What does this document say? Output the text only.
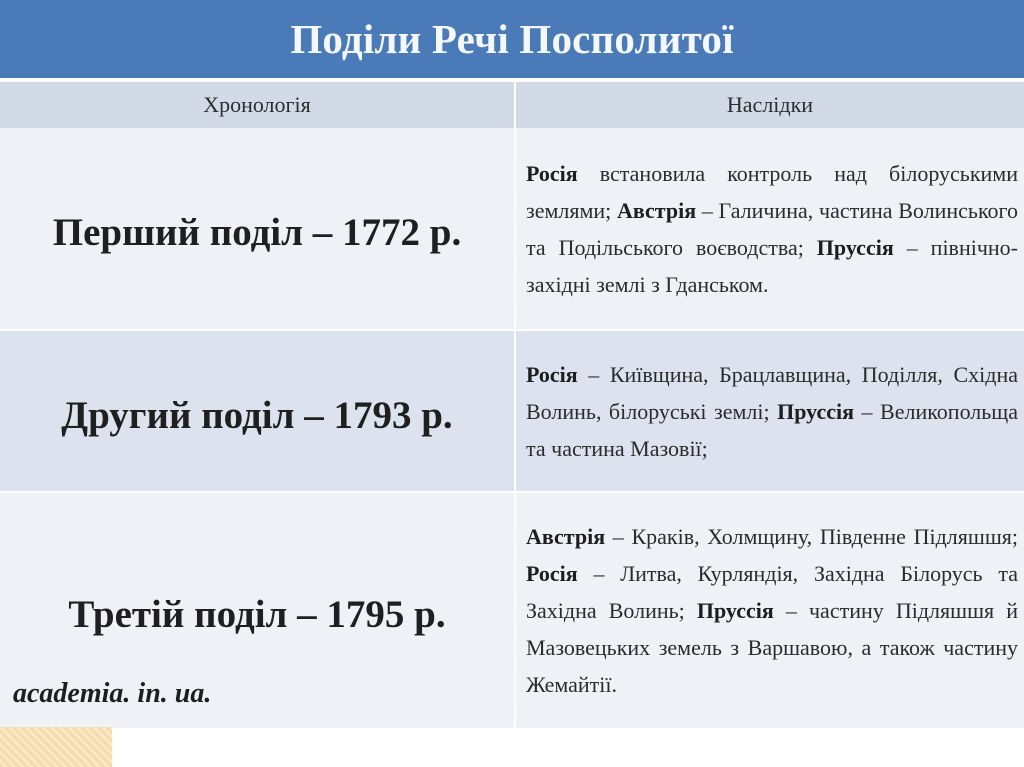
Поділи Речі Посполитої
Хронологія	Наслідки

Перший поділ – 1772 р.	Росія встановила контроль над білоруськими землями; Австрія – Галичина, частина Волинського та Подільського воєводства; Пруссія – північно-західні землі з Гданськом.

Другий поділ – 1793 р.	Росія – Київщина, Брацлавщина, Поділля, Східна Волинь, білоруські землі; Пруссія – Великопольща та частина Мазовії;

Третій поділ – 1795 р.	Австрія – Краків, Холмщину, Південне Підляшшя; Росія – Литва, Курляндія, Західна Білорусь та Західна Волинь; Пруссія – частину Підляшшя й Мазовецьких земель з Варшавою, а також частину Жемайтії.
academia. in. ua.
